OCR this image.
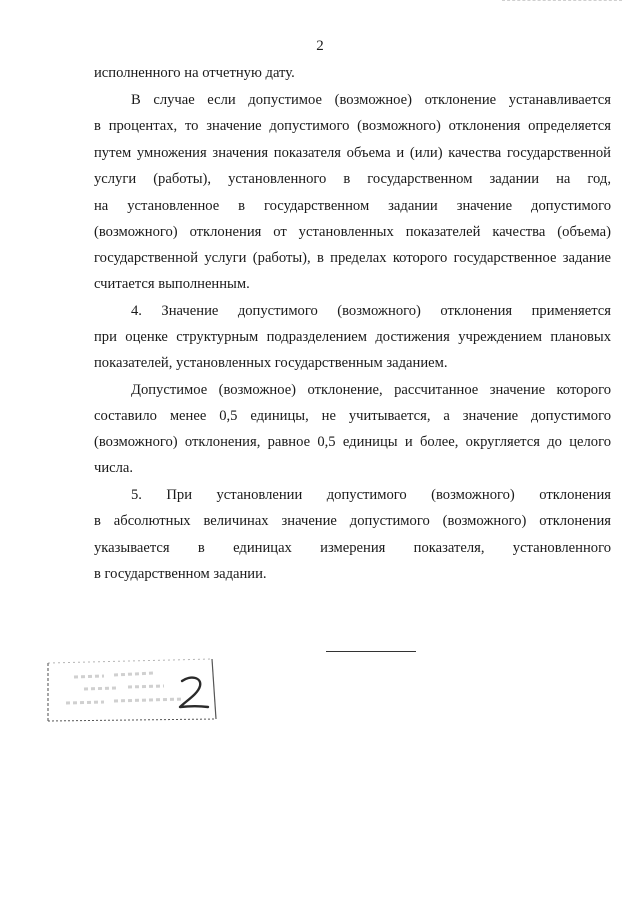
2
исполненного на отчетную дату.
В случае если допустимое (возможное) отклонение устанавливается
в процентах, то значение допустимого (возможного) отклонения определяется
путем умножения значения показателя объема и (или) качества государственной
услуги (работы), установленного в государственном задании на год,
на установленное в государственном задании значение допустимого
(возможного) отклонения от установленных показателей качества (объема)
государственной услуги (работы), в пределах которого государственное задание
считается выполненным.
4. Значение допустимого (возможного) отклонения применяется
при оценке структурным подразделением достижения учреждением плановых
показателей, установленных государственным заданием.
Допустимое (возможное) отклонение, рассчитанное значение которого
составило менее 0,5 единицы, не учитывается, а значение допустимого
(возможного) отклонения, равное 0,5 единицы и более, округляется до целого
числа.
5. При установлении допустимого (возможного) отклонения
в абсолютных величинах значение допустимого (возможного) отклонения
указывается в единицах измерения показателя, установленного
в государственном задании.
